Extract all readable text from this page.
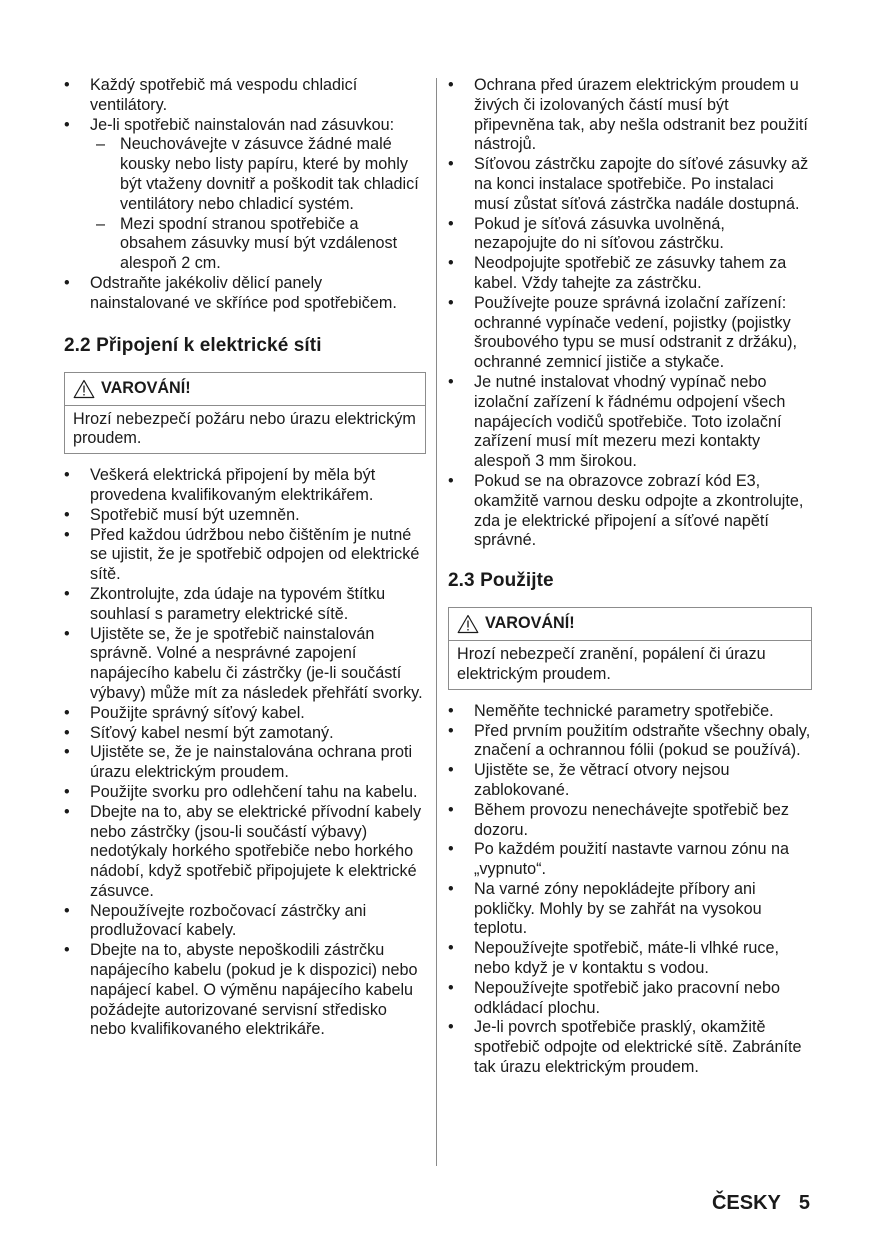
• Každý spotřebič má vespodu chladicí ventilátory.
• Je-li spotřebič nainstalován nad zásuvkou:
– Neuchovávejte v zásuvce žádné malé kousky nebo listy papíru, které by mohly být vtaženy dovnitř a poškodit tak chladicí ventilátory nebo chladicí systém.
– Mezi spodní stranou spotřebiče a obsahem zásuvky musí být vzdálenost alespoň 2 cm.
• Odstraňte jakékoliv dělicí panely nainstalované ve skříńce pod spotřebičem.
2.2 Připojení k elektrické síti
VAROVÁNÍ!
Hrozí nebezpečí požáru nebo úrazu elektrickým proudem.
• Veškerá elektrická připojení by měla být provedena kvalifikovaným elektrikářem.
• Spotřebič musí být uzemněn.
• Před každou údržbou nebo čištěním je nutné se ujistit, že je spotřebič odpojen od elektrické sítě.
• Zkontrolujte, zda údaje na typovém štítku souhlasí s parametry elektrické sítě.
• Ujistěte se, že je spotřebič nainstalován správně. Volné a nesprávné zapojení napájecího kabelu či zástrčky (je-li součástí výbavy) může mít za následek přehřátí svorky.
• Použijte správný síťový kabel.
• Síťový kabel nesmí být zamotaný.
• Ujistěte se, že je nainstalována ochrana proti úrazu elektrickým proudem.
• Použijte svorku pro odlehčení tahu na kabelu.
• Dbejte na to, aby se elektrické přívodní kabely nebo zástrčky (jsou-li součástí výbavy) nedotýkaly horkého spotřebiče nebo horkého nádobí, když spotřebič připojujete k elektrické zásuvce.
• Nepoužívejte rozbočovací zástrčky ani prodlužovací kabely.
• Dbejte na to, abyste nepoškodili zástrčku napájecího kabelu (pokud je k dispozici) nebo napájecí kabel. O výměnu napájecího kabelu požádejte autorizované servisní středisko nebo kvalifikovaného elektrikáře.
• Ochrana před úrazem elektrickým proudem u živých či izolovaných částí musí být připevněna tak, aby nešla odstranit bez použití nástrojů.
• Síťovou zástrčku zapojte do síťové zásuvky až na konci instalace spotřebiče. Po instalaci musí zůstat síťová zástrčka nadále dostupná.
• Pokud je síťová zásuvka uvolněná, nezapojujte do ni síťovou zástrčku.
• Neodpojujte spotřebič ze zásuvky tahem za kabel. Vždy tahejte za zástrčku.
• Používejte pouze správná izolační zařízení: ochranné vypínače vedení, pojistky (pojistky šroubového typu se musí odstranit z držáku), ochranné zemnicí jističe a stykače.
• Je nutné instalovat vhodný vypínač nebo izolační zařízení k řádnému odpojení všech napájecích vodičů spotřebiče. Toto izolační zařízení musí mít mezeru mezi kontakty alespoň 3 mm širokou.
• Pokud se na obrazovce zobrazí kód E3, okamžitě varnou desku odpojte a zkontrolujte, zda je elektrické připojení a síťové napětí správné.
2.3 Použijte
VAROVÁNÍ!
Hrozí nebezpečí zranění, popálení či úrazu elektrickým proudem.
• Neměňte technické parametry spotřebiče.
• Před prvním použitím odstraňte všechny obaly, značení a ochrannou fólii (pokud se používá).
• Ujistěte se, že větrací otvory nejsou zablokované.
• Během provozu nenechávejte spotřebič bez dozoru.
• Po každém použití nastavte varnou zónu na „vypnuto“.
• Na varné zóny nepokládejte příbory ani pokličky. Mohly by se zahřát na vysokou teplotu.
• Nepoužívejte spotřebič, máte-li vlhké ruce, nebo když je v kontaktu s vodou.
• Nepoužívejte spotřebič jako pracovní nebo odkládací plochu.
• Je-li povrch spotřebiče prasklý, okamžitě spotřebič odpojte od elektrické sítě. Zabráníte tak úrazu elektrickým proudem.
ČESKY 5
